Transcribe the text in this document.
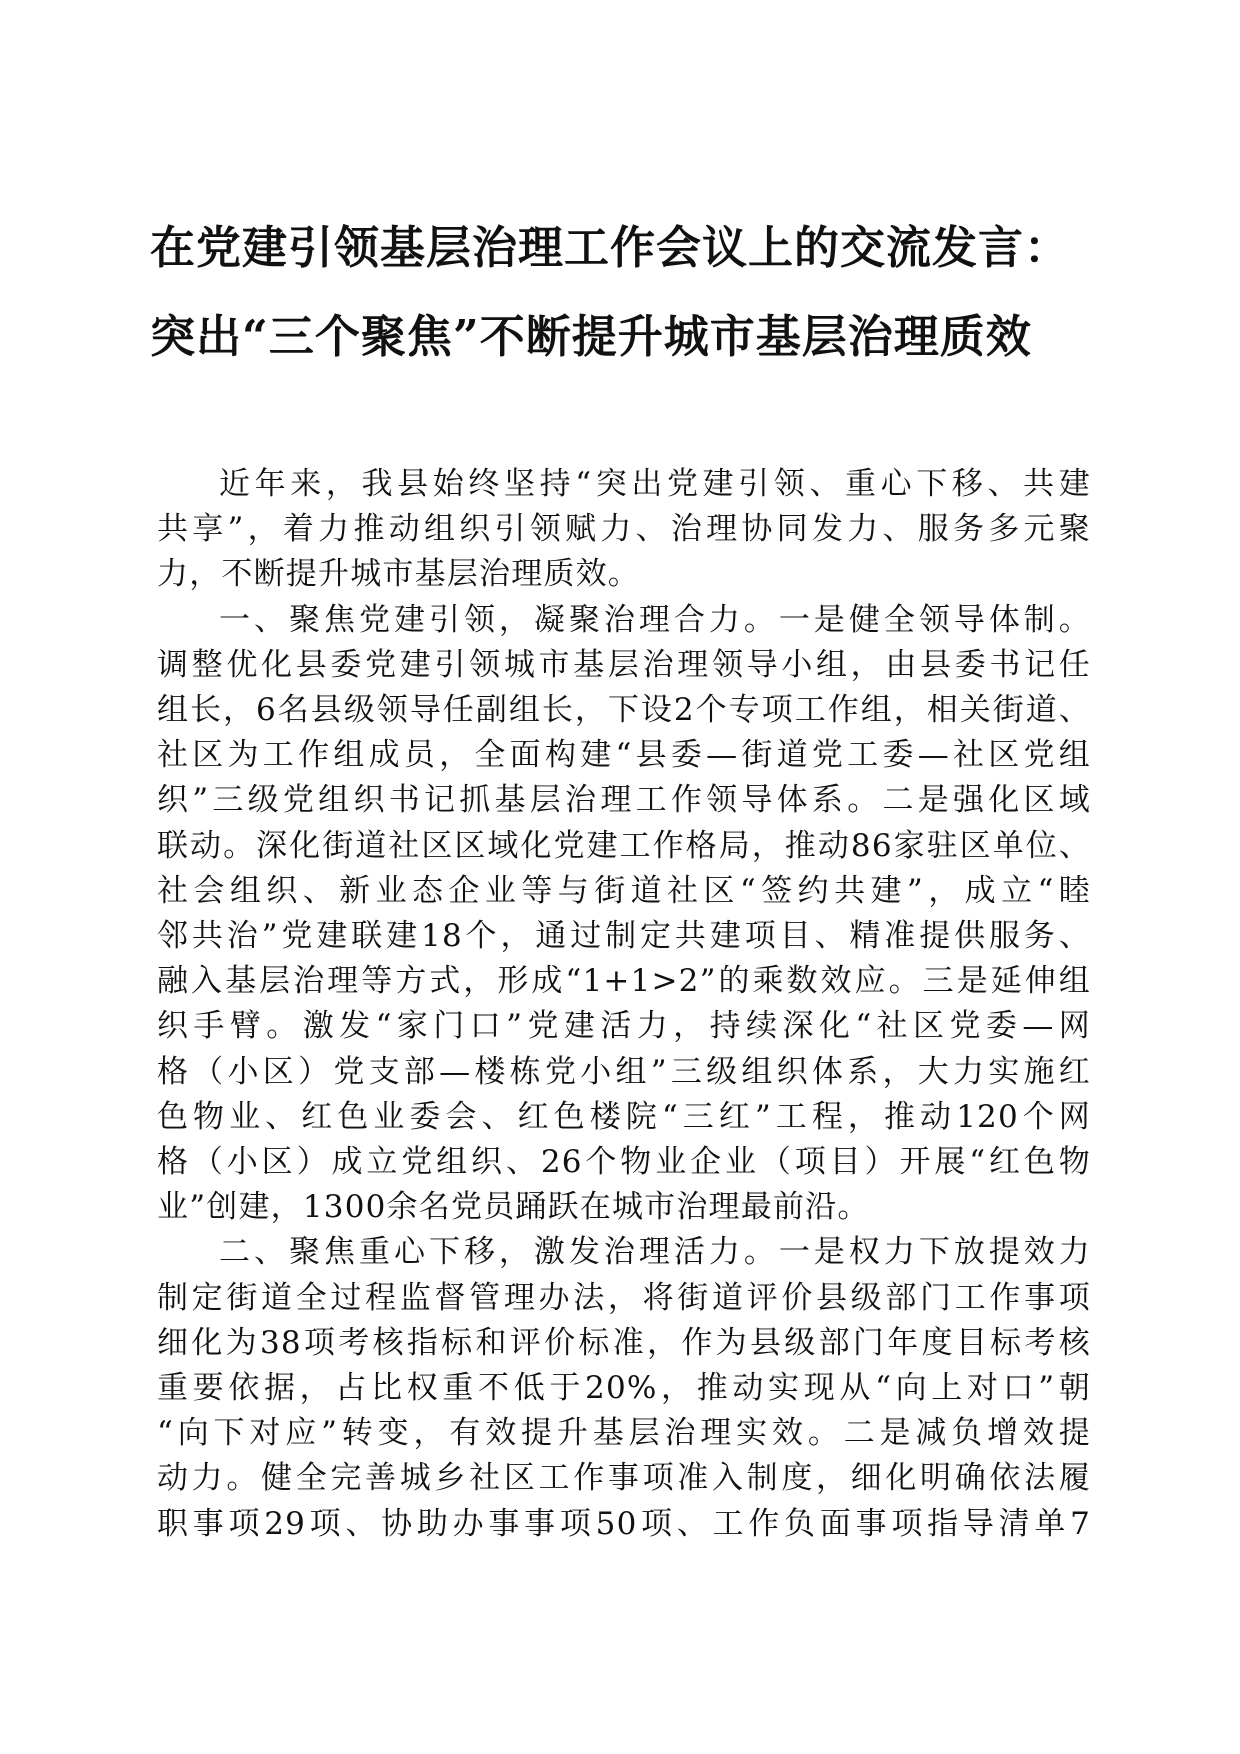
在党建引领基层治理工作会议上的交流发言：
突出“三个聚焦”不断提升城市基层治理质效

近年来，我县始终坚持“突出党建引领、重心下移、共建
共享”，着力推动组织引领赋力、治理协同发力、服务多元聚
力，不断提升城市基层治理质效。

一、聚焦党建引领，凝聚治理合力。一是健全领导体制。
调整优化县委党建引领城市基层治理领导小组，由县委书记任
组长，6名县级领导任副组长，下设2个专项工作组，相关街道、
社区为工作组成员，全面构建“县委—街道党工委—社区党组
织”三级党组织书记抓基层治理工作领导体系。二是强化区域
联动。深化街道社区区域化党建工作格局，推动86家驻区单位、
社会组织、新业态企业等与街道社区“签约共建”，成立“睦
邻共治”党建联建18个，通过制定共建项目、精准提供服务、
融入基层治理等方式，形成“1+1>2”的乘数效应。三是延伸组
织手臂。激发“家门口”党建活力，持续深化“社区党委—网
格（小区）党支部—楼栋党小组”三级组织体系，大力实施红
色物业、红色业委会、红色楼院“三红”工程，推动120个网
格（小区）成立党组织、26个物业企业（项目）开展“红色物
业”创建，1300余名党员踊跃在城市治理最前沿。

二、聚焦重心下移，激发治理活力。一是权力下放提效力
制定街道全过程监督管理办法，将街道评价县级部门工作事项
细化为38项考核指标和评价标准，作为县级部门年度目标考核
重要依据，占比权重不低于20%，推动实现从“向上对口”朝
“向下对应”转变，有效提升基层治理实效。二是减负增效提
动力。健全完善城乡社区工作事项准入制度，细化明确依法履
职事项29项、协助办事事项50项、工作负面事项指导清单7
